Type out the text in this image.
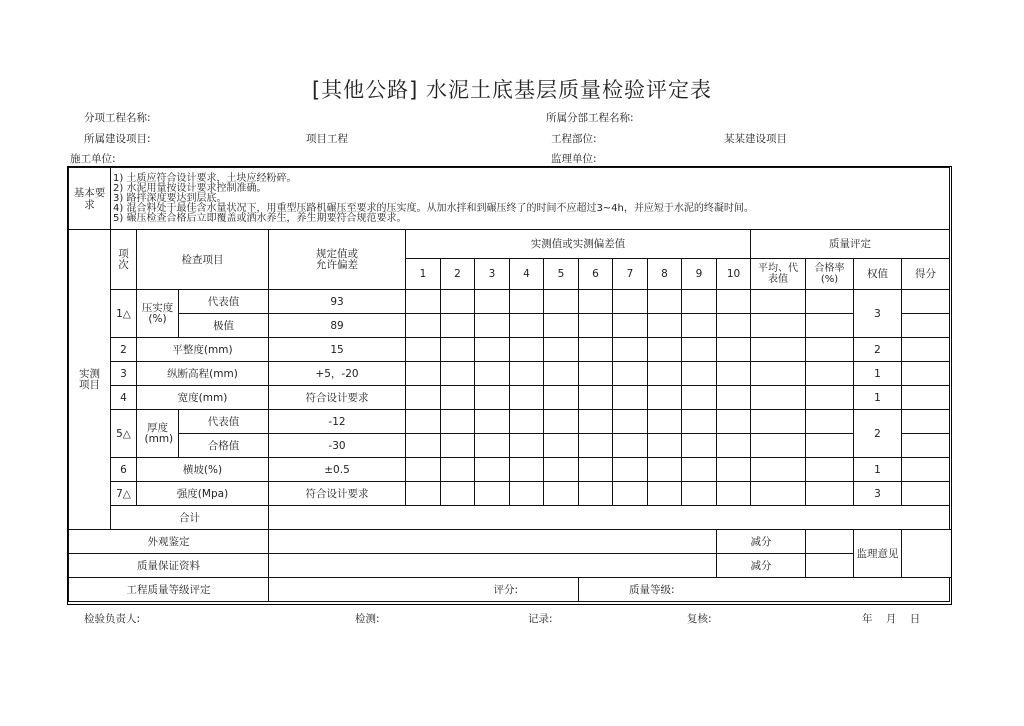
[其他公路] 水泥土底基层质量检验评定表
分项工程名称:	所属分部工程名称:
所属建设项目:	项目工程	工程部位:	某某建设项目
施工单位:	监理单位:
基本要求	1) 土质应符合设计要求，土块应经粉碎。
2) 水泥用量按设计要求控制准确。
3) 路拌深度要达到层底。
4) 混合料处于最佳含水量状况下，用重型压路机碾压至要求的压实度。从加水拌和到碾压终了的时间不应超过3~4h，并应短于水泥的终凝时间。
5) 碾压检查合格后立即覆盖或洒水养生，养生期要符合规范要求。																	

实测项目	项次	检查项目		规定值或允许偏差	实测值或实测偏差值										质量评定			
					1	2	3	4	5	6	7	8	9	10	平均、代表值	合格率(%)	权值	得分
	1△	压实度(%)	代表值	93													3	
			极值	89														
	2	平整度(mm)		15													2	
	3	纵断高程(mm)		+5，-20													1	
	4	宽度(mm)		符合设计要求													1	
	5△	厚度(mm)	代表值	-12													2	
			合格值	-30														
	6	横坡(%)		±0.5													1	
	7△	强度(Mpa)		符合设计要求													3	
	合计																	
外观鉴定														减分			监理意见	
质量保证资料														减分				
工程质量等级评定				评分:						质量等级:								
检验负责人:	检测:	记录:	复核:	年    月    日
